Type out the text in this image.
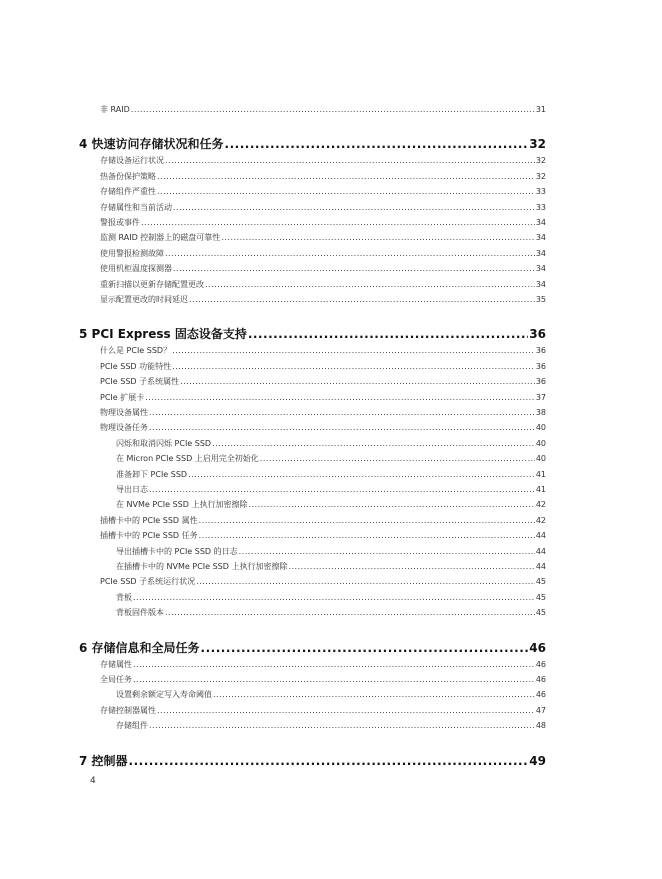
非 RAID .....	31
4 快速访问存储状况和任务 .....	32
存储设备运行状况 .....	32
热备份保护策略 .....	32
存储组件严重性 .....	33
存储属性和当前活动 .....	33
警报或事件 .....	34
监测 RAID 控制器上的磁盘可靠性 .....	34
使用警报检测故障 .....	34
使用机柜温度探测器 .....	34
重新扫描以更新存储配置更改 .....	34
显示配置更改的时间延迟 .....	35
5 PCI Express 固态设备支持 .....	36
什么是 PCIe SSD？ .....	36
PCIe SSD 功能特性 .....	36
PCIe SSD 子系统属性 .....	36
PCIe 扩展卡 .....	37
物理设备属性 .....	38
物理设备任务 .....	40
闪烁和取消闪烁 PCIe SSD .....	40
在 Micron PCIe SSD 上启用完全初始化 .....	40
准备卸下 PCIe SSD .....	41
导出日志 .....	41
在 NVMe PCIe SSD 上执行加密擦除 .....	42
插槽卡中的 PCIe SSD 属性 .....	42
插槽卡中的 PCIe SSD 任务 .....	44
导出插槽卡中的 PCIe SSD 的日志 .....	44
在插槽卡中的 NVMe PCIe SSD 上执行加密擦除 .....	44
PCIe SSD 子系统运行状况 .....	45
背板 .....	45
背板固件版本 .....	45
6 存储信息和全局任务 .....	46
存储属性 .....	46
全局任务 .....	46
设置剩余额定写入寿命阈值 .....	46
存储控制器属性 .....	47
存储组件 .....	48
7 控制器 .....	49
4
